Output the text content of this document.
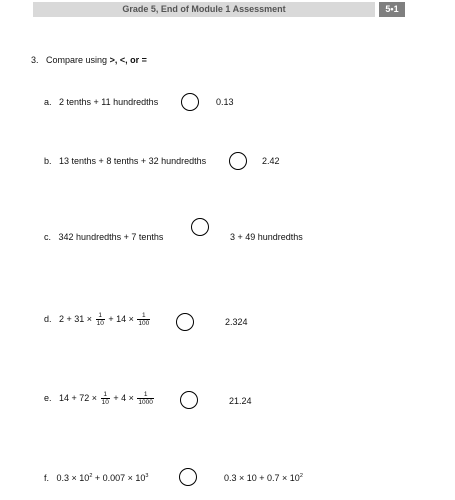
Grade 5, End of Module 1 Assessment	5•1
3. Compare using >, <, or =
a. 2 tenths + 11 hundredths	0.13
b. 13 tenths + 8 tenths + 32 hundredths	2.42
c. 342 hundredths + 7 tenths	3 + 49 hundredths
d. $2 + 31 \times \frac{1}{10} + 14 \times \frac{1}{100}$	2.324
e. $14 + 72 \times \frac{1}{10} + 4 \times \frac{1}{1000}$	21.24
f. $0.3 \times 10^2 + 0.007 \times 10^3$	$0.3 \times 10 + 0.7 \times 10^2$
